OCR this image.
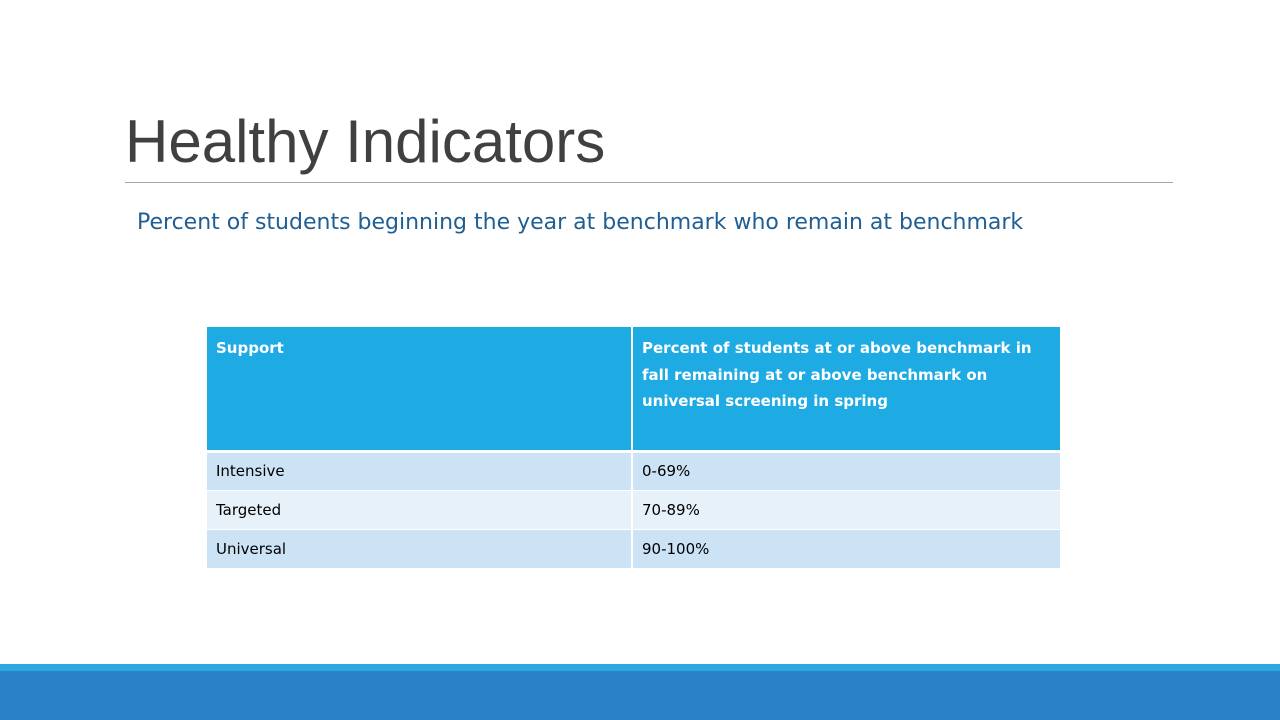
Healthy Indicators

Percent of students beginning the year at benchmark who remain at benchmark

Support	Percent of students at or above benchmark in fall remaining at or above benchmark on universal screening in spring
Intensive	0-69%
Targeted	70-89%
Universal	90-100%
